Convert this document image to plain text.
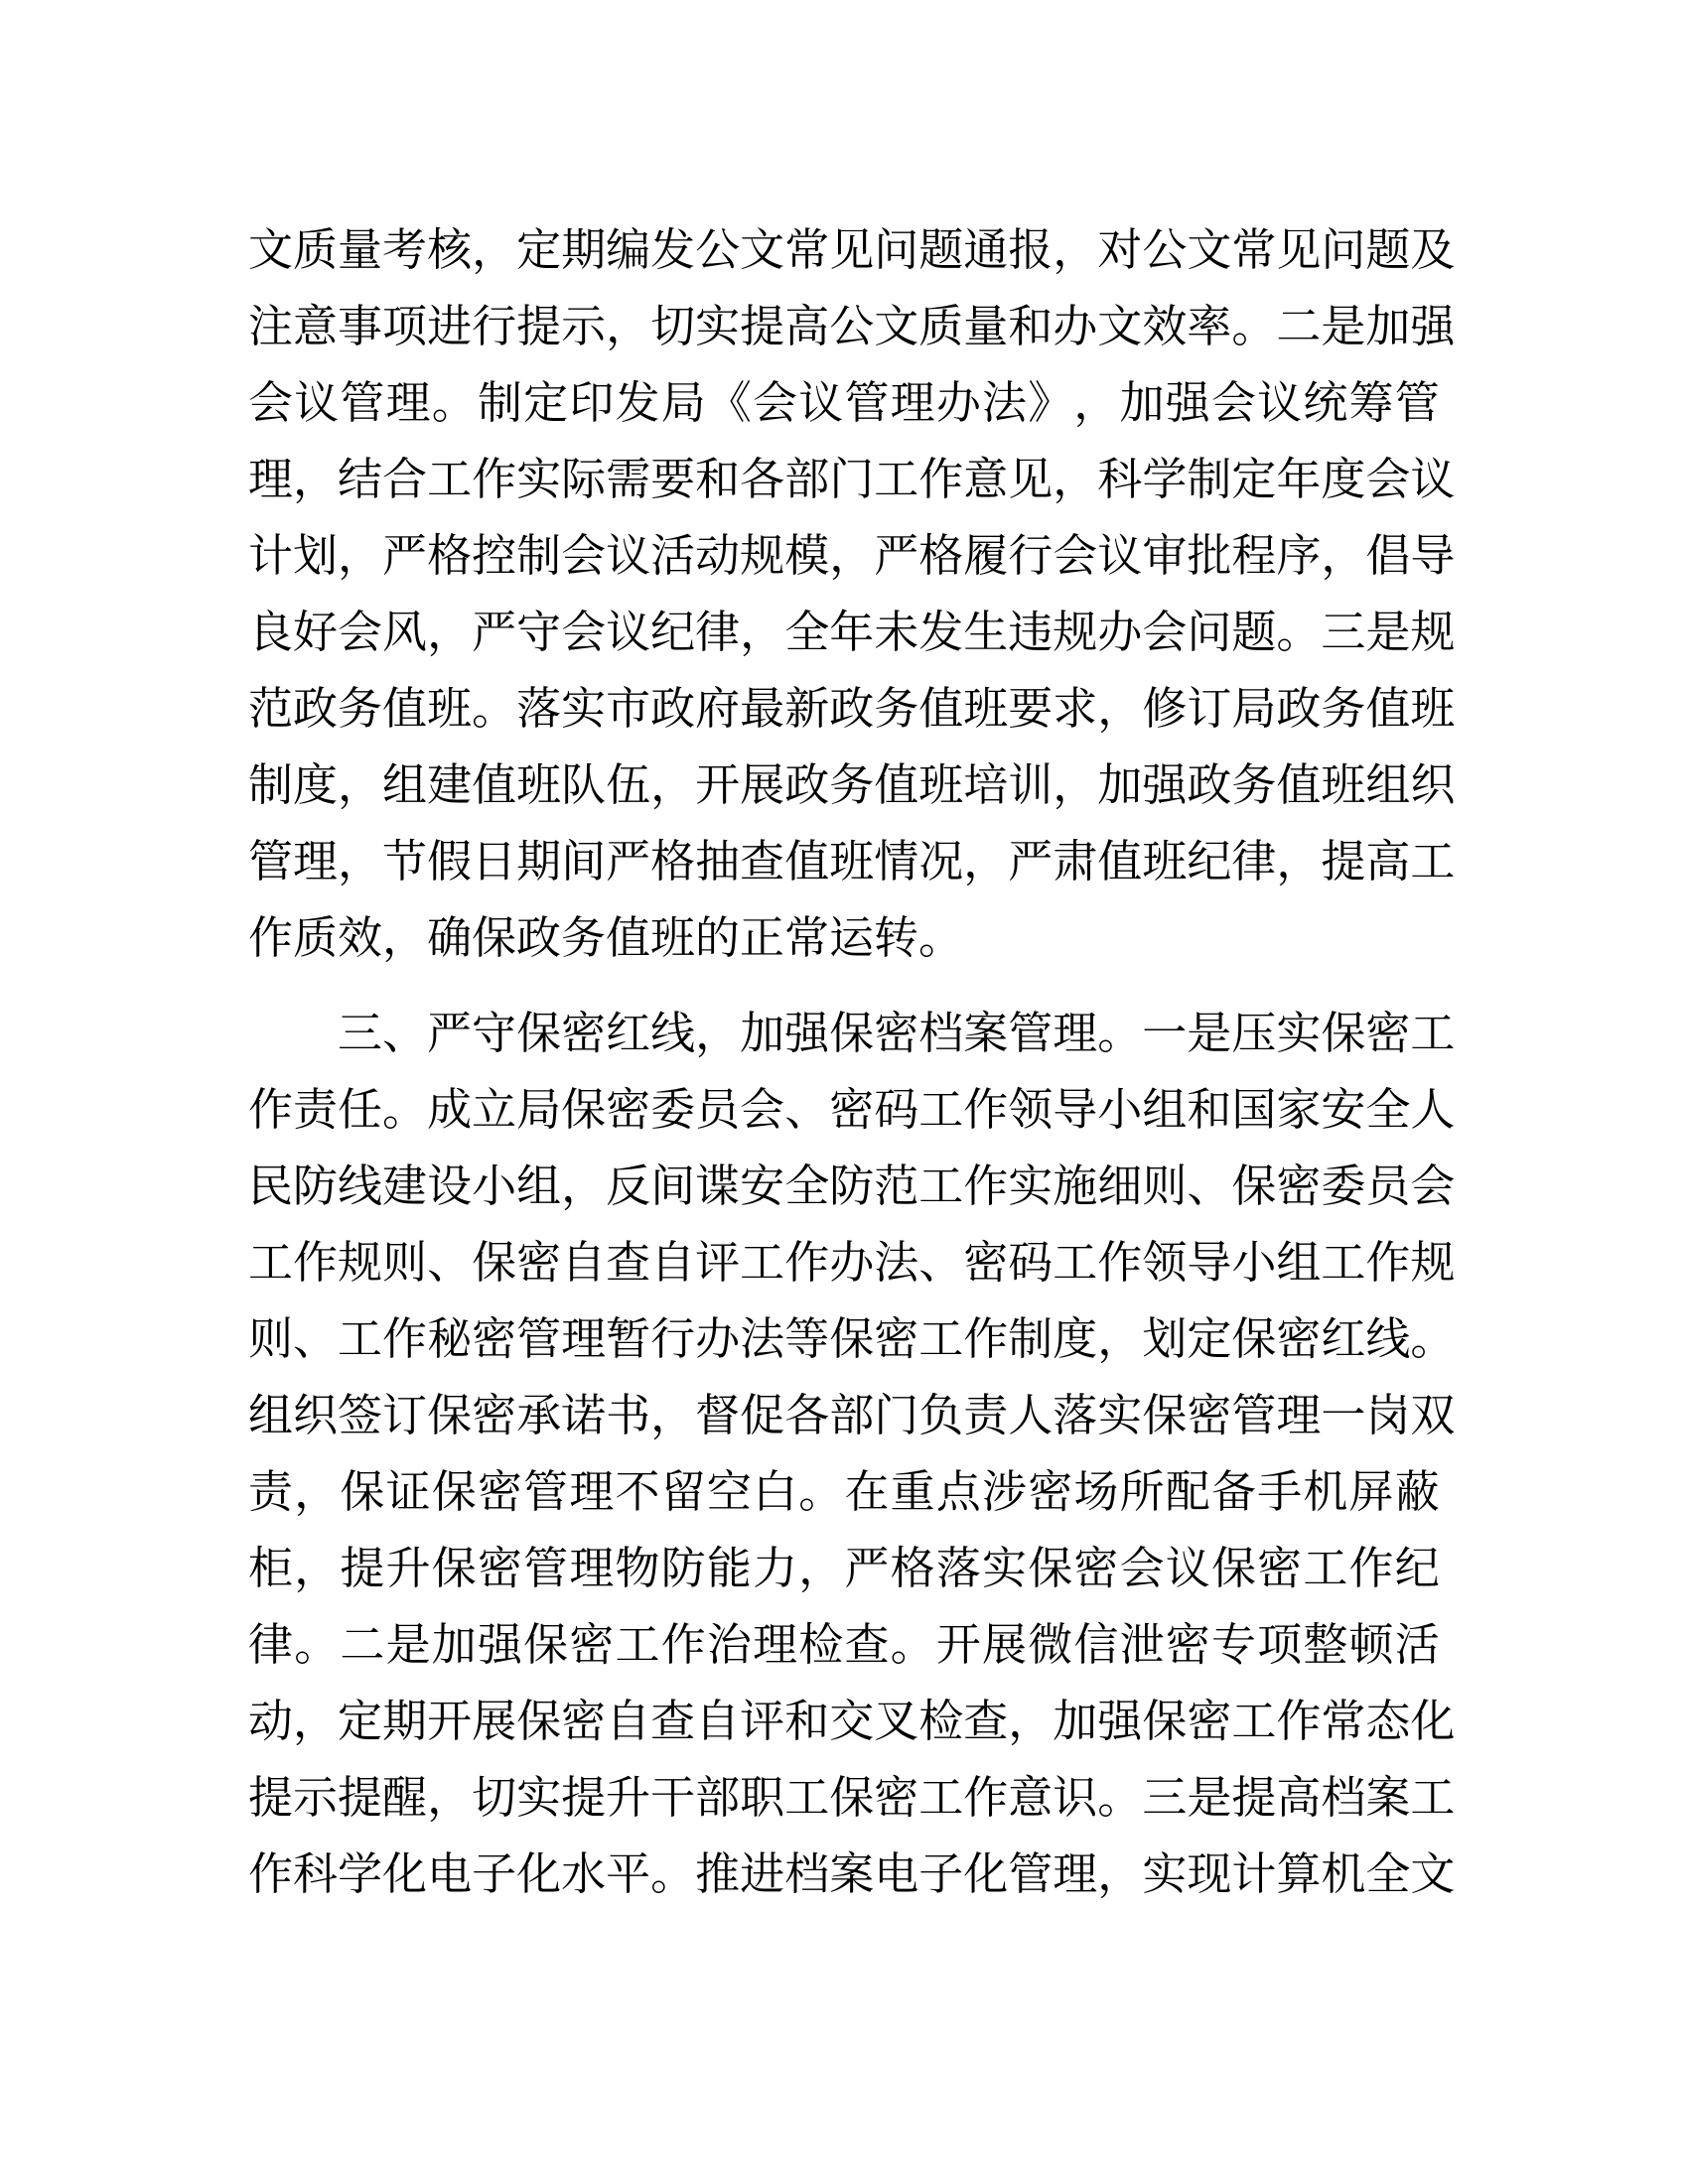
文 质 量 考 核 ， 定 期 编 发 公 文 常 见 问 题 通 报 ， 对 公 文 常 见 问 题 及
注 意 事 项 进 行 提 示 ， 切 实 提 高 公 文 质 量 和 办 文 效 率 。 二 是 加 强
会 议 管 理 。 制 定 印 发 局 《 会 议 管 理 办 法 》 ， 加 强 会 议 统 筹 管
理 ， 结 合 工 作 实 际 需 要 和 各 部 门 工 作 意 见 ， 科 学 制 定 年 度 会 议
计 划 ， 严 格 控 制 会 议 活 动 规 模 ， 严 格 履 行 会 议 审 批 程 序 ， 倡 导
良 好 会 风 ， 严 守 会 议 纪 律 ， 全 年 未 发 生 违 规 办 会 问 题 。 三 是 规
范 政 务 值 班 。 落 实 市 政 府 最 新 政 务 值 班 要 求 ， 修 订 局 政 务 值 班
制 度 ， 组 建 值 班 队 伍 ， 开 展 政 务 值 班 培 训 ， 加 强 政 务 值 班 组 织
管 理 ， 节 假 日 期 间 严 格 抽 查 值 班 情 况 ， 严 肃 值 班 纪 律 ， 提 高 工
作质效，确保政务值班的正常运转。
三 、 严 守 保 密 红 线 ， 加 强 保 密 档 案 管 理 。 一 是 压 实 保 密 工
作 责 任 。 成 立 局 保 密 委 员 会 、 密 码 工 作 领 导 小 组 和 国 家 安 全 人
民 防 线 建 设 小 组 ， 反 间 谍 安 全 防 范 工 作 实 施 细 则 、 保 密 委 员 会
工 作 规 则 、 保 密 自 查 自 评 工 作 办 法 、 密 码 工 作 领 导 小 组 工 作 规
则 、 工 作 秘 密 管 理 暂 行 办 法 等 保 密 工 作 制 度 ， 划 定 保 密 红 线 。
组 织 签 订 保 密 承 诺 书 ， 督 促 各 部 门 负 责 人 落 实 保 密 管 理 一 岗 双
责 ， 保 证 保 密 管 理 不 留 空 白 。 在 重 点 涉 密 场 所 配 备 手 机 屏 蔽
柜 ， 提 升 保 密 管 理 物 防 能 力 ， 严 格 落 实 保 密 会 议 保 密 工 作 纪
律 。 二 是 加 强 保 密 工 作 治 理 检 查 。 开 展 微 信 泄 密 专 项 整 顿 活
动 ， 定 期 开 展 保 密 自 查 自 评 和 交 叉 检 查 ， 加 强 保 密 工 作 常 态 化
提 示 提 醒 ， 切 实 提 升 干 部 职 工 保 密 工 作 意 识 。 三 是 提 高 档 案 工
作 科 学 化 电 子 化 水 平 。 推 进 档 案 电 子 化 管 理 ， 实 现 计 算 机 全 文
